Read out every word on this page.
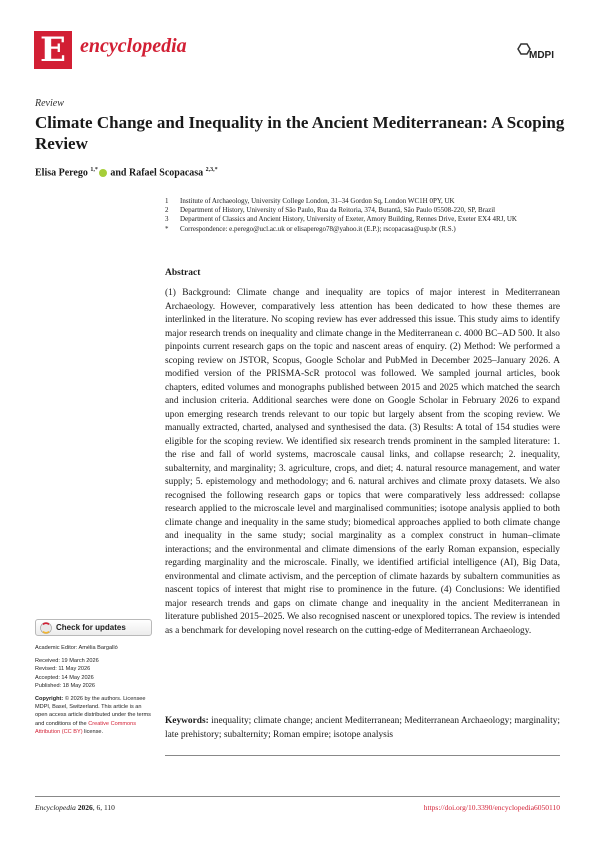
E encyclopedia	MDPI
Review
Climate Change and Inequality in the Ancient Mediterranean: A Scoping Review
Elisa Perego $^{1,*}$ and Rafael Scopacasa $^{2,3,*}$
1	Institute of Archaeology, University College London, 31–34 Gordon Sq, London WC1H 0PY, UK
2	Department of History, University of São Paulo, Rua da Reitoria, 374, Butantã, São Paulo 05508-220, SP, Brazil
3	Department of Classics and Ancient History, University of Exeter, Amory Building, Rennes Drive, Exeter EX4 4RJ, UK
*	Correspondence: e.perego@ucl.ac.uk or elisaperego78@yahoo.it (E.P.); rscopacasa@usp.br (R.S.)
Abstract
(1) Background: Climate change and inequality are topics of major interest in Mediterranean Archaeology. However, comparatively less attention has been dedicated to how these themes are interlinked in the literature. No scoping review has ever addressed this issue. This study aims to identify major research trends on inequality and climate change in the Mediterranean c. 4000 BC–AD 500. It also pinpoints current research gaps on the topic and nascent areas of enquiry. (2) Method: We performed a scoping review on JSTOR, Scopus, Google Scholar and PubMed in December 2025–January 2026. A modified version of the PRISMA-ScR protocol was followed. We sampled journal articles, book chapters, edited volumes and monographs published between 2015 and 2025 which matched the search and inclusion criteria. Additional searches were done on Google Scholar in February 2026 to expand upon emerging research trends relevant to our topic but largely absent from the scoping review. We manually extracted, charted, analysed and synthesised the data. (3) Results: A total of 154 studies were eligible for the scoping review. We identified six research trends prominent in the sampled literature: 1. the rise and fall of world systems, macroscale causal links, and collapse research; 2. inequality, subalternity, and marginality; 3. agriculture, crops, and diet; 4. natural resource management, and water supply; 5. epistemology and methodology; and 6. natural archives and climate proxy datasets. We also recognised the following research gaps or topics that were comparatively less addressed: collapse research applied to the microscale level and marginalised communities; isotope analysis applied to both climate change and inequality in the same study; biomedical approaches applied to both climate change and inequality in the same study; social marginality as a complex construct in human–climate interactions; and the environmental and climate dimensions of the early Roman expansion, especially regarding marginality and the microscale. Finally, we identified artificial intelligence (AI), Big Data, environmental and climate activism, and the perception of climate hazards by subaltern communities as nascent topics of interest that might rise to prominence in the future. (4) Conclusions: We identified major research trends and gaps on climate change and inequality in the ancient Mediterranean in literature published 2015–2025. We also recognised nascent or unexplored topics. The review is intended as a benchmark for developing novel research on the cutting-edge of Mediterranean Archaeology.
Keywords: inequality; climate change; ancient Mediterranean; Mediterranean Archaeology; marginality; late prehistory; subalternity; Roman empire; isotope analysis
Check for updates
Academic Editor: Amélia Bargalló
Received: 19 March 2026
Revised: 11 May 2026
Accepted: 14 May 2026
Published: 18 May 2026
Copyright: © 2026 by the authors. Licensee MDPI, Basel, Switzerland. This article is an open access article distributed under the terms and conditions of the Creative Commons Attribution (CC BY) license.
Encyclopedia 2026, 6, 110	https://doi.org/10.3390/encyclopedia6050110
